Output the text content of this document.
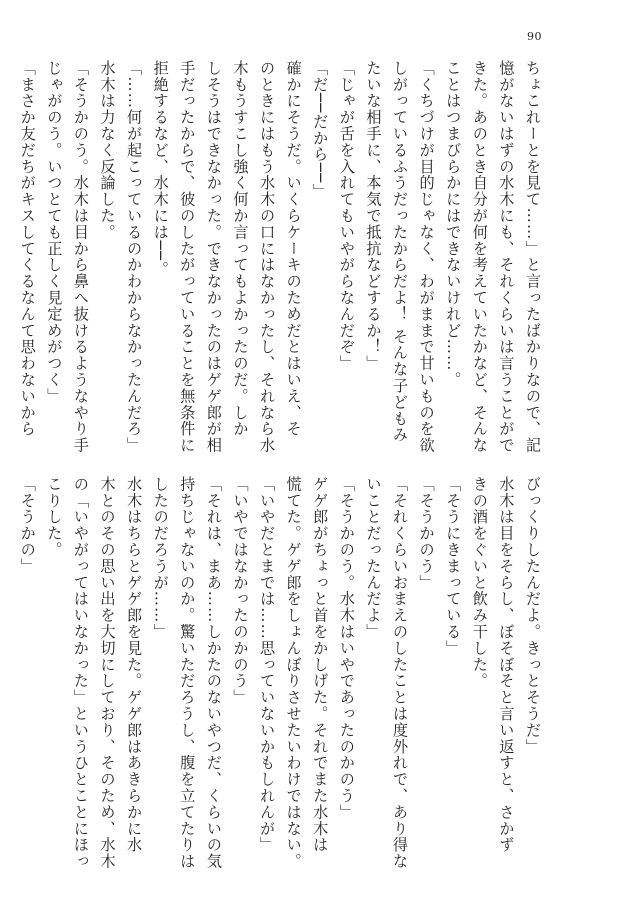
90
ちょこれーとを見て……」と言ったばかりなので、記
憶がないはずの水木にも、それくらいは言うことがで
きた。あのとき自分が何を考えていたかなど、そんな
ことはつまびらかにはできないけれど……。
「くちづけが目的じゃなく、わがままで甘いものを欲
しがっているふうだったからだよ！ そんな子どもみ
たいな相手に、本気で抵抗などするか！」
「じゃが舌を入れてもいやがらなんだぞ」
「だ──だから──」
確かにそうだ。いくらケーキのためだとはいえ、そ
のときにはもう水木の口にはなかったし、それなら水
木もうすこし強く何か言ってもよかったのだ。しか
しそうはできなかった。できなかったのはゲゲ郎が相
手だったからで、彼のしたがっていることを無条件に
拒絶するなど、水木には──。
「……何が起こっているのかわからなかったんだろ」
水木は力なく反論した。
「そうかのう。水木は目から鼻へ抜けるようなやり手
じゃがのう。いつとても正しく見定めがつく」
「まさか友だちがキスしてくるなんて思わないから
びっくりしたんだよ。きっとそうだ」
水木は目をそらし、ぼそぼそと言い返すと、さかず
きの酒をぐいと飲み干した。
「そうにきまっている」
「そうかのう」
「それくらいおまえのしたことは度外れで、あり得な
いことだったんだよ」
「そうかのう。水木はいやであったのかのう」
ゲゲ郎がちょっと首をかしげた。それでまた水木は
慌てた。ゲゲ郎をしょんぼりさせたいわけではない。
「いやだとまでは……思っていないかもしれんが」
「いやではなかったのかのう」
「それは、まあ……しかたのないやつだ、くらいの気
持ちじゃないのか。驚いただろうし、腹を立てたりは
したのだろうが……」
水木はちらとゲゲ郎を見た。ゲゲ郎はあきらかに水
木とのその思い出を大切にしており、そのため、水木
の「いやがってはいなかった」というひとことにほっ
こりした。
「そうかの」
